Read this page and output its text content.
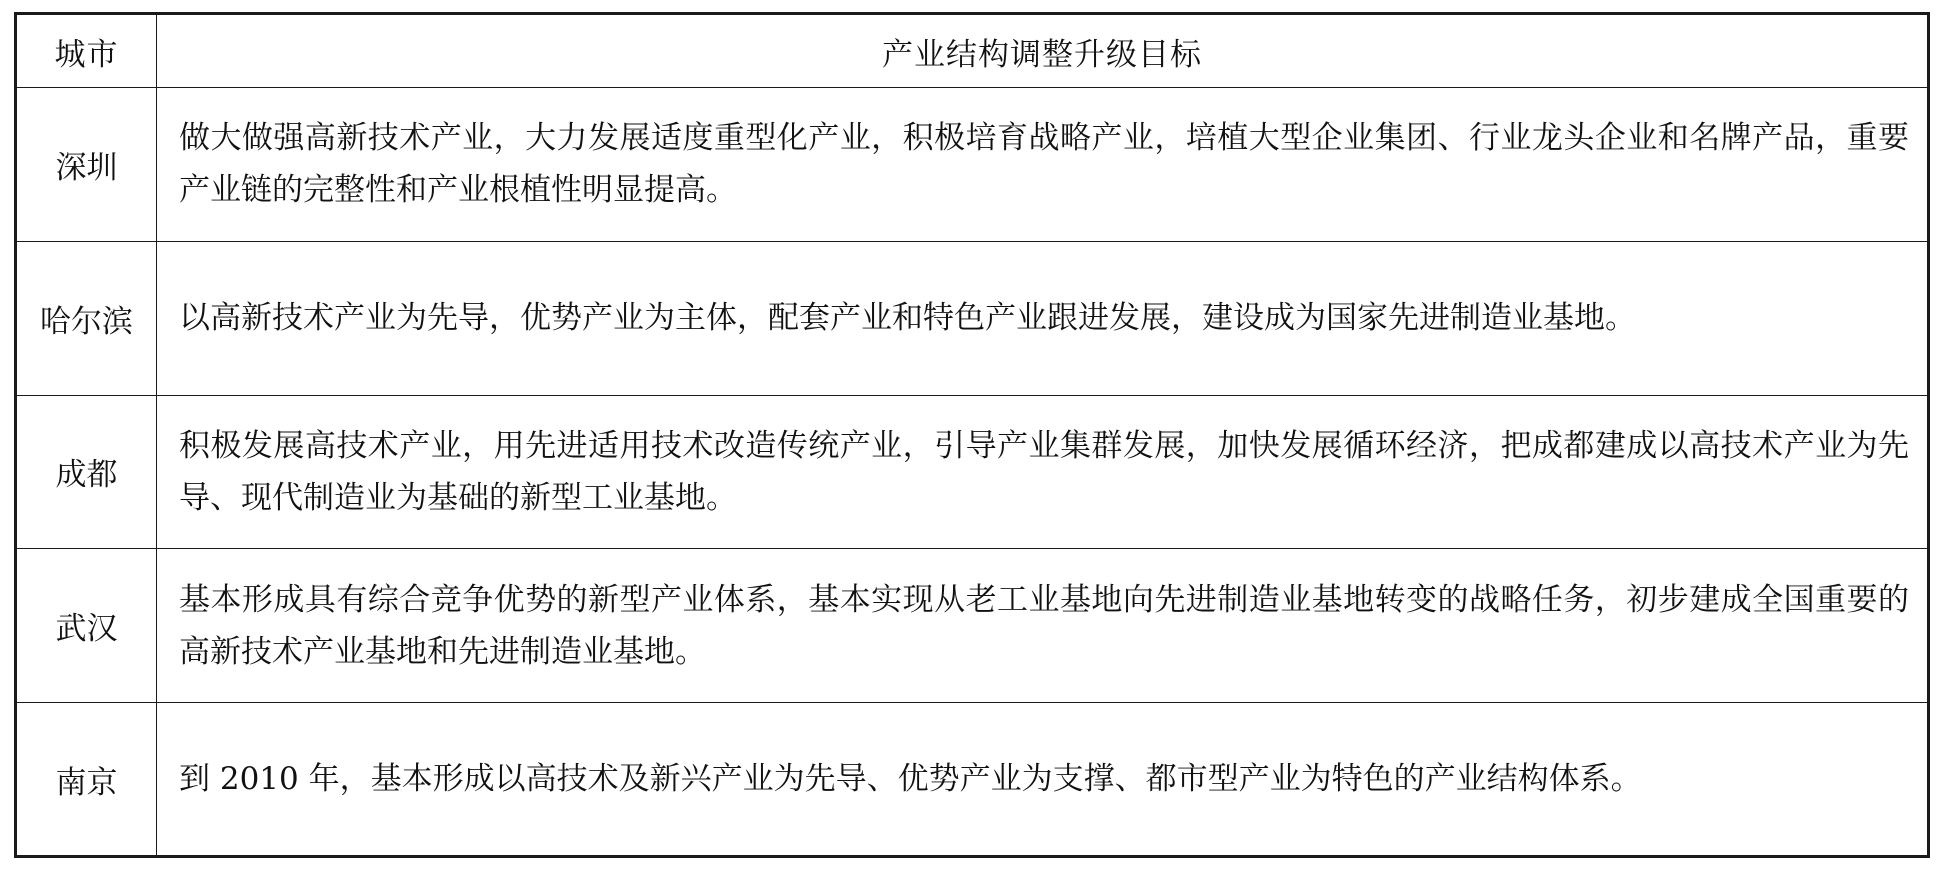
城市	产业结构调整升级目标
深圳	做大做强高新技术产业，大力发展适度重型化产业，积极培育战略产业，培植大型企业集团、行业龙头企业和名牌产品，重要产业链的完整性和产业根植性明显提高。
哈尔滨	以高新技术产业为先导，优势产业为主体，配套产业和特色产业跟进发展，建设成为国家先进制造业基地。
成都	积极发展高技术产业，用先进适用技术改造传统产业，引导产业集群发展，加快发展循环经济，把成都建成以高技术产业为先导、现代制造业为基础的新型工业基地。
武汉	基本形成具有综合竞争优势的新型产业体系，基本实现从老工业基地向先进制造业基地转变的战略任务，初步建成全国重要的高新技术产业基地和先进制造业基地。
南京	到 2010 年，基本形成以高技术及新兴产业为先导、优势产业为支撑、都市型产业为特色的产业结构体系。
